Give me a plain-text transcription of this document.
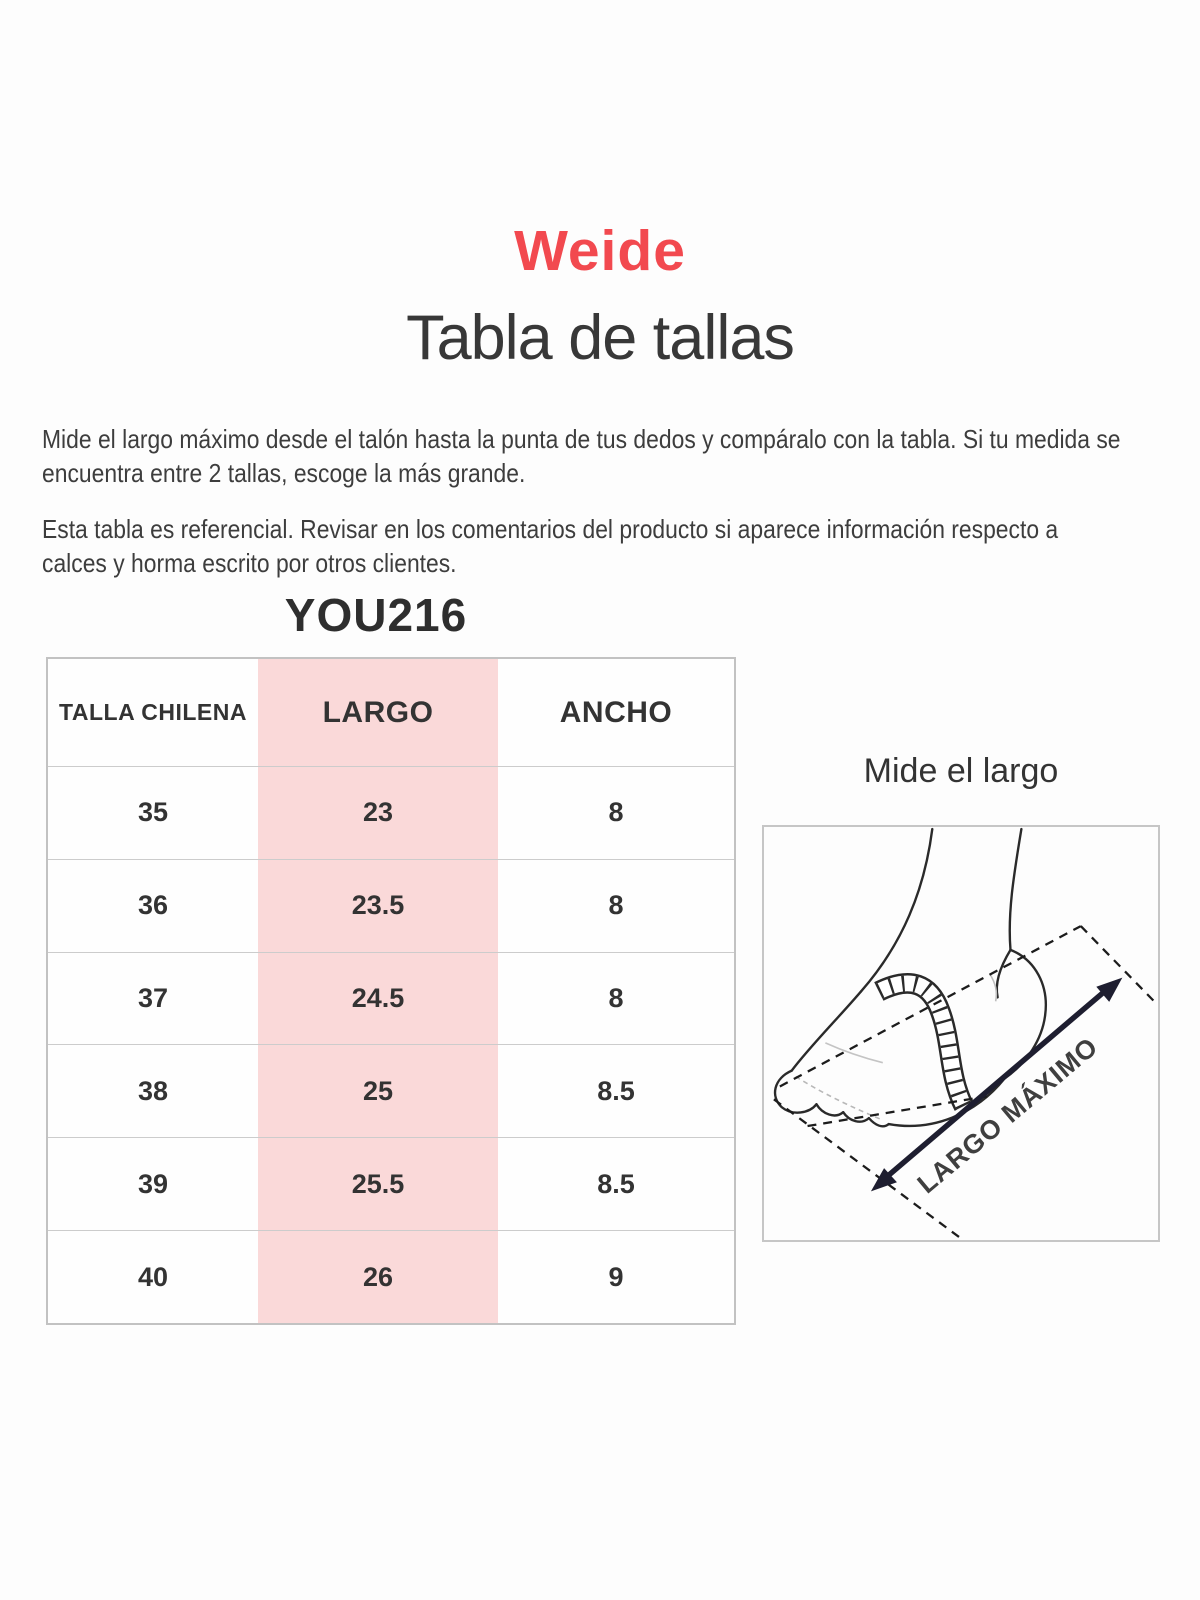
Weide
Tabla de tallas

Mide el largo máximo desde el talón hasta la punta de tus dedos y compáralo con la tabla. Si tu medida se encuentra entre 2 tallas, escoge la más grande.

Esta tabla es referencial. Revisar en los comentarios del producto si aparece información respecto a calces y horma escrito por otros clientes.

YOU216
TALLA CHILENA	LARGO	ANCHO
35	23	8
36	23.5	8
37	24.5	8
38	25	8.5
39	25.5	8.5
40	26	9
Mide el largo
LARGO MÁXIMO
